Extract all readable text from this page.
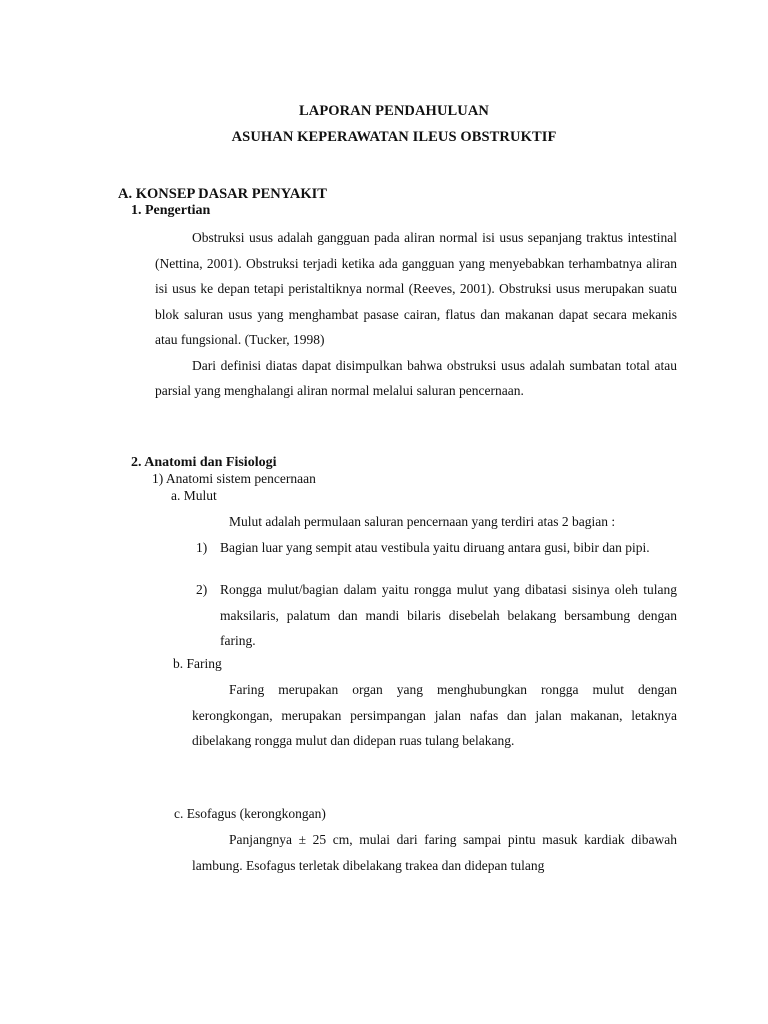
LAPORAN PENDAHULUAN
ASUHAN KEPERAWATAN ILEUS OBSTRUKTIF
A. KONSEP DASAR PENYAKIT
1. Pengertian

Obstruksi usus adalah gangguan pada aliran normal isi usus sepanjang traktus intestinal (Nettina, 2001). Obstruksi terjadi ketika ada gangguan yang menyebabkan terhambatnya aliran isi usus ke depan tetapi peristaltiknya normal (Reeves, 2001). Obstruksi usus merupakan suatu blok saluran usus yang menghambat pasase cairan, flatus dan makanan dapat secara mekanis atau fungsional. (Tucker, 1998)

Dari definisi diatas dapat disimpulkan bahwa obstruksi usus adalah sumbatan total atau parsial yang menghalangi aliran normal melalui saluran pencernaan.

2. Anatomi dan Fisiologi
1) Anatomi sistem pencernaan
a. Mulut

Mulut adalah permulaan saluran pencernaan yang terdiri atas 2 bagian :

1) Bagian luar yang sempit atau vestibula yaitu diruang antara gusi, bibir dan pipi.
2) Rongga mulut/bagian dalam yaitu rongga mulut yang dibatasi sisinya oleh tulang maksilaris, palatum dan mandi bilaris disebelah belakang bersambung dengan faring.
b. Faring

Faring merupakan organ yang menghubungkan rongga mulut dengan kerongkongan, merupakan persimpangan jalan nafas dan jalan makanan, letaknya dibelakang rongga mulut dan didepan ruas tulang belakang.

c. Esofagus (kerongkongan)

Panjangnya ± 25 cm, mulai dari faring sampai pintu masuk kardiak dibawah lambung. Esofagus terletak dibelakang trakea dan didepan tulang
